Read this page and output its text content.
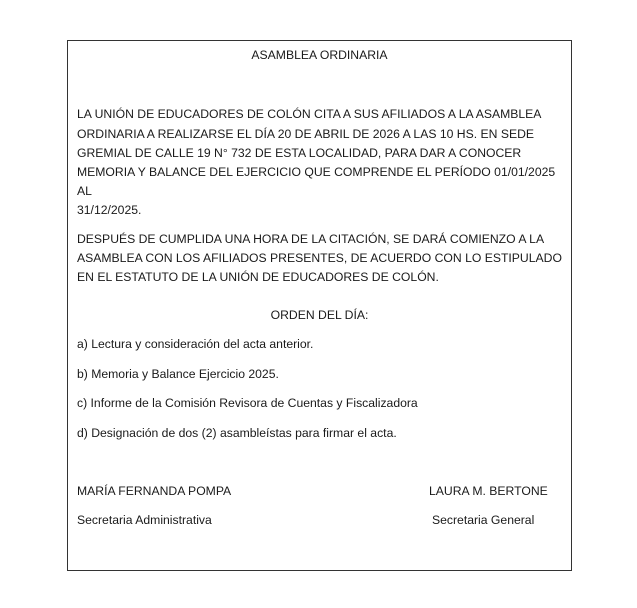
ASAMBLEA ORDINARIA
LA UNIÓN DE EDUCADORES DE COLÓN CITA A SUS AFILIADOS A LA ASAMBLEA
ORDINARIA A REALIZARSE EL DÍA 20 DE ABRIL DE 2026 A LAS 10 HS. EN SEDE
GREMIAL DE CALLE 19 N° 732 DE ESTA LOCALIDAD, PARA DAR A CONOCER
MEMORIA Y BALANCE DEL EJERCICIO QUE COMPRENDE EL PERÍODO 01/01/2025
AL
31/12/2025.
DESPUÉS DE CUMPLIDA UNA HORA DE LA CITACIÓN, SE DARÁ COMIENZO A LA
ASAMBLEA CON LOS AFILIADOS PRESENTES, DE ACUERDO CON LO ESTIPULADO
EN EL ESTATUTO DE LA UNIÓN DE EDUCADORES DE COLÓN.
ORDEN DEL DÍA:
a) Lectura y consideración del acta anterior.
b) Memoria y Balance Ejercicio 2025.
c) Informe de la Comisión Revisora de Cuentas y Fiscalizadora
d) Designación de dos (2) asambleístas para firmar el acta.
MARÍA FERNANDA POMPA
Secretaria Administrativa
LAURA M. BERTONE
Secretaria General
